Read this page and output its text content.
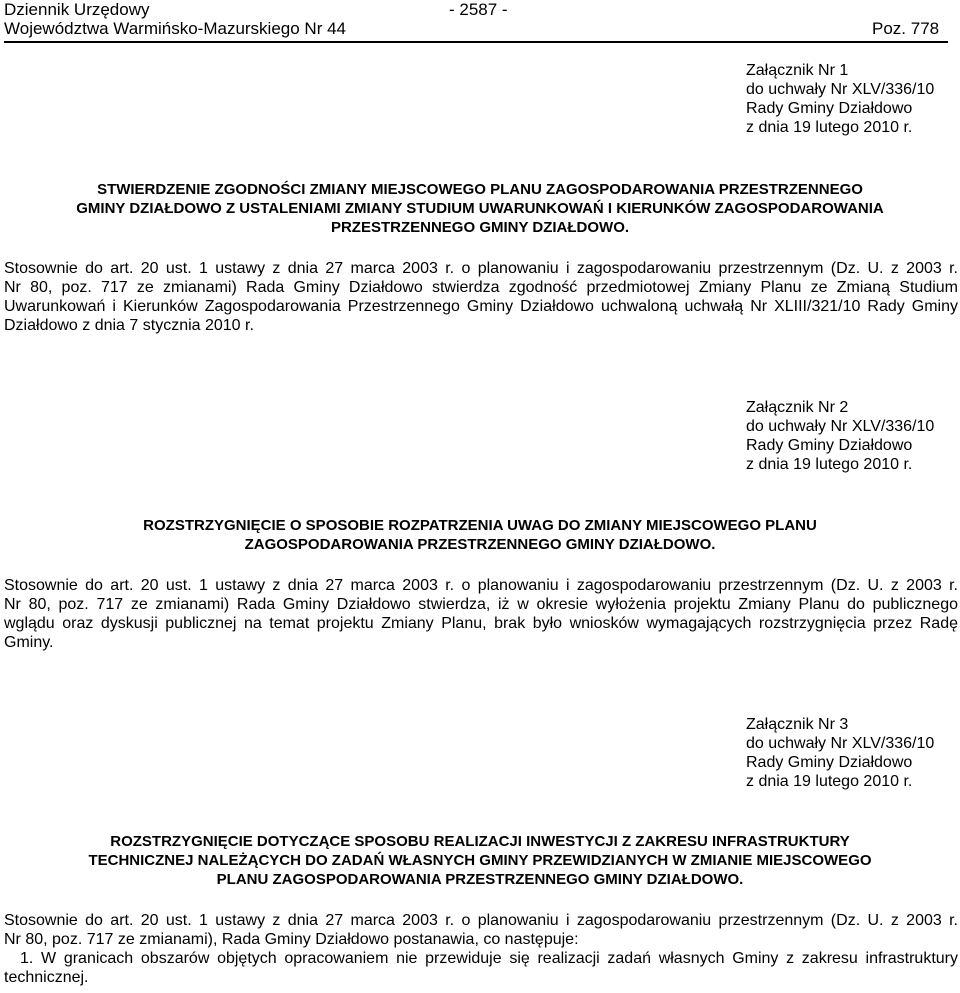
Dziennik Urzędowy
Województwa Warmińsko-Mazurskiego Nr 44
- 2587 -
Poz. 778
Załącznik Nr 1
do uchwały Nr XLV/336/10
Rady Gminy Działdowo
z dnia 19 lutego 2010 r.
STWIERDZENIE ZGODNOŚCI ZMIANY MIEJSCOWEGO PLANU ZAGOSPODAROWANIA PRZESTRZENNEGO
GMINY DZIAŁDOWO Z USTALENIAMI ZMIANY STUDIUM UWARUNKOWAŃ I KIERUNKÓW ZAGOSPODAROWANIA
PRZESTRZENNEGO GMINY DZIAŁDOWO.
Stosownie do art. 20 ust. 1 ustawy z dnia 27 marca 2003 r. o planowaniu i zagospodarowaniu przestrzennym (Dz. U. z 2003 r.
Nr 80, poz. 717 ze zmianami) Rada Gminy Działdowo stwierdza zgodność przedmiotowej Zmiany Planu ze Zmianą Studium
Uwarunkowań i Kierunków Zagospodarowania Przestrzennego Gminy Działdowo uchwaloną uchwałą Nr XLIII/321/10 Rady Gminy
Działdowo z dnia 7 stycznia 2010 r.
Załącznik Nr 2
do uchwały Nr XLV/336/10
Rady Gminy Działdowo
z dnia 19 lutego 2010 r.
ROZSTRZYGNIĘCIE O SPOSOBIE ROZPATRZENIA UWAG DO ZMIANY MIEJSCOWEGO PLANU
ZAGOSPODAROWANIA PRZESTRZENNEGO GMINY DZIAŁDOWO.
Stosownie do art. 20 ust. 1 ustawy z dnia 27 marca 2003 r. o planowaniu i zagospodarowaniu przestrzennym (Dz. U. z 2003 r.
Nr 80, poz. 717 ze zmianami) Rada Gminy Działdowo stwierdza, iż w okresie wyłożenia projektu Zmiany Planu do publicznego
wglądu oraz dyskusji publicznej na temat projektu Zmiany Planu, brak było wniosków wymagających rozstrzygnięcia przez Radę
Gminy.
Załącznik Nr 3
do uchwały Nr XLV/336/10
Rady Gminy Działdowo
z dnia 19 lutego 2010 r.
ROZSTRZYGNIĘCIE DOTYCZĄCE SPOSOBU REALIZACJI INWESTYCJI Z ZAKRESU INFRASTRUKTURY
TECHNICZNEJ NALEŻĄCYCH DO ZADAŃ WŁASNYCH GMINY PRZEWIDZIANYCH W ZMIANIE MIEJSCOWEGO
PLANU ZAGOSPODAROWANIA PRZESTRZENNEGO GMINY DZIAŁDOWO.
Stosownie do art. 20 ust. 1 ustawy z dnia 27 marca 2003 r. o planowaniu i zagospodarowaniu przestrzennym (Dz. U. z 2003 r.
Nr 80, poz. 717 ze zmianami), Rada Gminy Działdowo postanawia, co następuje:
1. W granicach obszarów objętych opracowaniem nie przewiduje się realizacji zadań własnych Gminy z zakresu infrastruktury
technicznej.
